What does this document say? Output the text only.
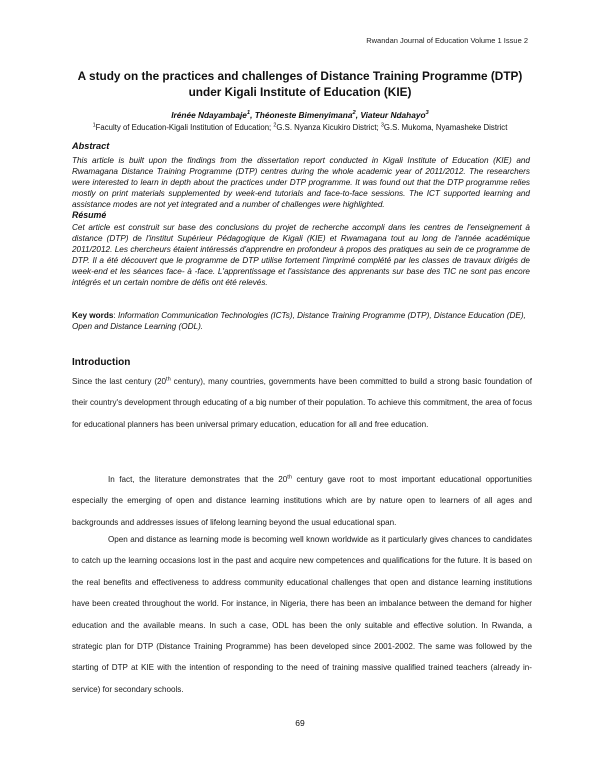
Rwandan Journal of Education Volume 1 Issue 2
A study on the practices and challenges of Distance Training Programme (DTP)
under Kigali Institute of Education (KIE)
Irénée Ndayambaje$^1$, Théoneste Bimenyimana$^2$, Viateur Ndahayo$^3$
$^1$Faculty of Education-Kigali Institution of Education; $^2$G.S. Nyanza Kicukiro District; $^3$G.S. Mukoma, Nyamasheke District
Abstract
This article is built upon the findings from the dissertation report conducted in Kigali Institute of Education (KIE) and Rwamagana Distance Training Programme (DTP) centres during the whole academic year of 2011/2012. The researchers were interested to learn in depth about the practices under DTP programme. It was found out that the DTP programme relies mostly on print materials supplemented by week-end tutorials and face-to-face sessions. The ICT supported learning and assistance modes are not yet integrated and a number of challenges were highlighted.
Résumé
Cet article est construit sur base des conclusions du projet de recherche accompli dans les centres de l'enseignement à distance (DTP) de l'institut Supérieur Pédagogique de Kigali (KIE) et Rwamagana tout au long de l'année académique 2011/2012. Les chercheurs étaient intéressés d'apprendre en profondeur à propos des pratiques au sein de ce programme de DTP. Il a été découvert que le programme de DTP utilise fortement l'imprimé complété par les classes de travaux dirigés de week-end et les séances face- à -face. L'apprentissage et l'assistance des apprenants sur base des TIC ne sont pas encore intégrés et un certain nombre de défis ont été relevés.
Key words: Information Communication Technologies (ICTs), Distance Training Programme (DTP), Distance Education (DE), Open and Distance Learning (ODL).
Introduction
Since the last century (20th century), many countries, governments have been committed to build a strong basic foundation of their country's development through educating of a big number of their population. To achieve this commitment, the area of focus for educational planners has been universal primary education, education for all and free education.
In fact, the literature demonstrates that the 20th century gave root to most important educational opportunities especially the emerging of open and distance learning institutions which are by nature open to learners of all ages and backgrounds and addresses issues of lifelong learning beyond the usual educational span.
Open and distance as learning mode is becoming well known worldwide as it particularly gives chances to candidates to catch up the learning occasions lost in the past and acquire new competences and qualifications for the future. It is based on the real benefits and effectiveness to address community educational challenges that open and distance learning institutions have been created throughout the world. For instance, in Nigeria, there has been an imbalance between the demand for higher education and the available means. In such a case, ODL has been the only suitable and effective solution. In Rwanda, a strategic plan for DTP (Distance Training Programme) has been developed since 2001-2002. The same was followed by the starting of DTP at KIE with the intention of responding to the need of training massive qualified trained teachers (already in-service) for secondary schools.
69
